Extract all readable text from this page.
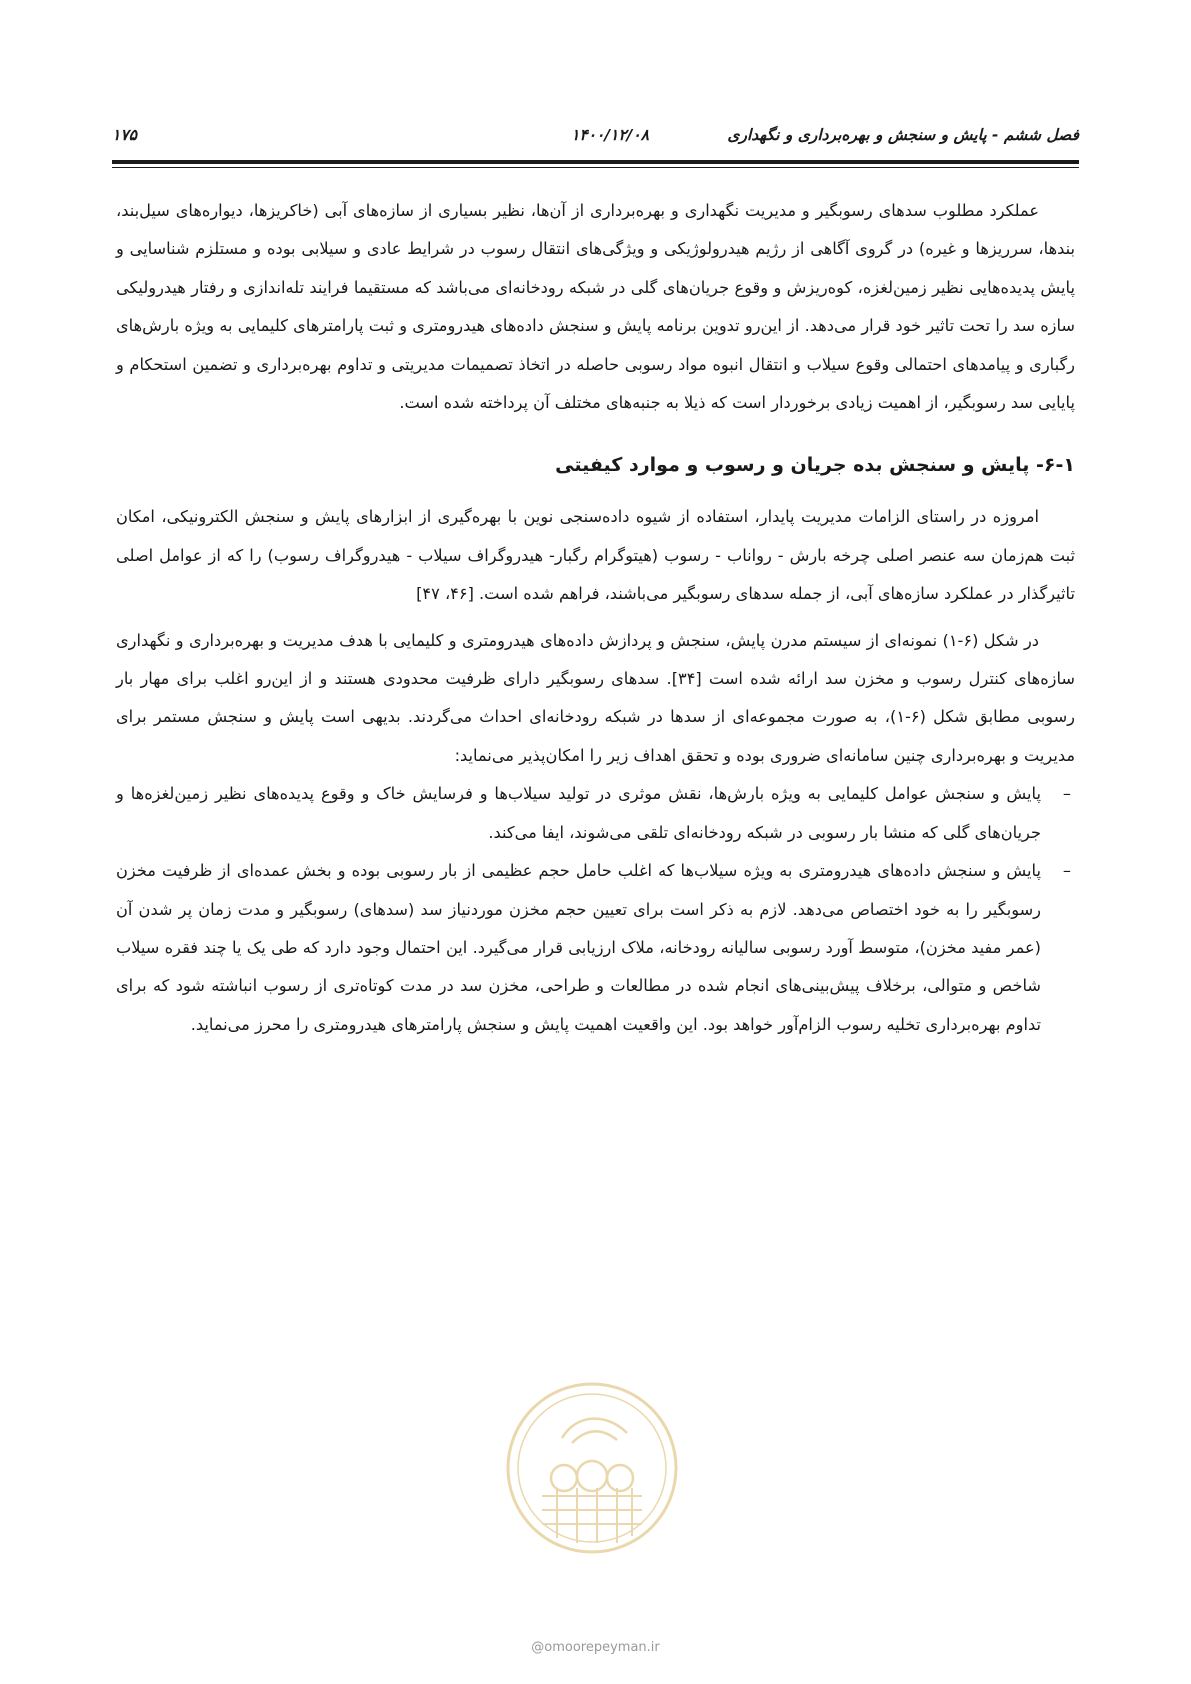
فصل ششم - پایش و سنجش و بهره‌برداری و نگهداری
۱۴۰۰/۱۲/۰۸
۱۷۵

عملکرد مطلوب سدهای رسوبگیر و مدیریت نگهداری و بهره‌برداری از آن‌ها، نظیر بسیاری از سازه‌های آبی (خاکریزها، دیواره‌های سیل‌بند، بندها، سرریزها و غیره) در گروی آگاهی از رژیم هیدرولوژیکی و ویژگی‌های انتقال رسوب در شرایط عادی و سیلابی بوده و مستلزم شناسایی و پایش پدیده‌هایی نظیر زمین‌لغزه، کوه‌ریزش و وقوع جریان‌های گلی در شبکه رودخانه‌ای می‌باشد که مستقیما فرایند تله‌اندازی و رفتار هیدرولیکی سازه سد را تحت تاثیر خود قرار می‌دهد. از این‌رو تدوین برنامه پایش و سنجش داده‌های هیدرومتری و ثبت پارامترهای کلیمایی به ویژه بارش‌های رگباری و پیامدهای احتمالی وقوع سیلاب و انتقال انبوه مواد رسوبی حاصله در اتخاذ تصمیمات مدیریتی و تداوم بهره‌برداری و تضمین استحکام و پایایی سد رسوبگیر، از اهمیت زیادی برخوردار است که ذیلا به جنبه‌های مختلف آن پرداخته شده است.

۶-۱- پایش و سنجش بده جریان و رسوب و موارد کیفیتی

امروزه در راستای الزامات مدیریت پایدار، استفاده از شیوه داده‌سنجی نوین با بهره‌گیری از ابزارهای پایش و سنجش الکترونیکی، امکان ثبت هم‌زمان سه عنصر اصلی چرخه بارش - رواناب - رسوب (هیتوگرام رگبار- هیدروگراف سیلاب - هیدروگراف رسوب) را که از عوامل اصلی تاثیرگذار در عملکرد سازه‌های آبی، از جمله سدهای رسوبگیر می‌باشند، فراهم شده است. [۴۶، ۴۷]

در شکل (۶-۱) نمونه‌ای از سیستم مدرن پایش، سنجش و پردازش داده‌های هیدرومتری و کلیمایی با هدف مدیریت و بهره‌برداری و نگهداری سازه‌های کنترل رسوب و مخزن سد ارائه شده است [۳۴]. سدهای رسوبگیر دارای ظرفیت محدودی هستند و از این‌رو اغلب برای مهار بار رسوبی مطابق شکل (۶-۱)، به صورت مجموعه‌ای از سدها در شبکه رودخانه‌ای احداث می‌گردند. بدیهی است پایش و سنجش مستمر برای مدیریت و بهره‌برداری چنین سامانه‌ای ضروری بوده و تحقق اهداف زیر را امکان‌پذیر می‌نماید:

–
پایش و سنجش عوامل کلیمایی به ویژه بارش‌ها، نقش موثری در تولید سیلاب‌ها و فرسایش خاک و وقوع پدیده‌های نظیر زمین‌لغزه‌ها و جریان‌های گلی که منشا بار رسوبی در شبکه رودخانه‌ای تلقی می‌شوند، ایفا می‌کند.
–
پایش و سنجش داده‌های هیدرومتری به ویژه سیلاب‌ها که اغلب حامل حجم عظیمی از بار رسوبی بوده و بخش عمده‌ای از ظرفیت مخزن رسوبگیر را به خود اختصاص می‌دهد. لازم به ذکر است برای تعیین حجم مخزن موردنیاز سد (سدهای) رسوبگیر و مدت زمان پر شدن آن (عمر مفید مخزن)، متوسط آورد رسوبی سالیانه رودخانه، ملاک ارزیابی قرار می‌گیرد. این احتمال وجود دارد که طی یک یا چند فقره سیلاب شاخص و متوالی، برخلاف پیش‌بینی‌های انجام شده در مطالعات و طراحی، مخزن سد در مدت کوتاه‌تری از رسوب انباشته شود که برای تداوم بهره‌برداری تخلیه رسوب الزام‌آور خواهد بود. این واقعیت اهمیت پایش و سنجش پارامترهای هیدرومتری را محرز می‌نماید.
@omoorepeyman.ir
